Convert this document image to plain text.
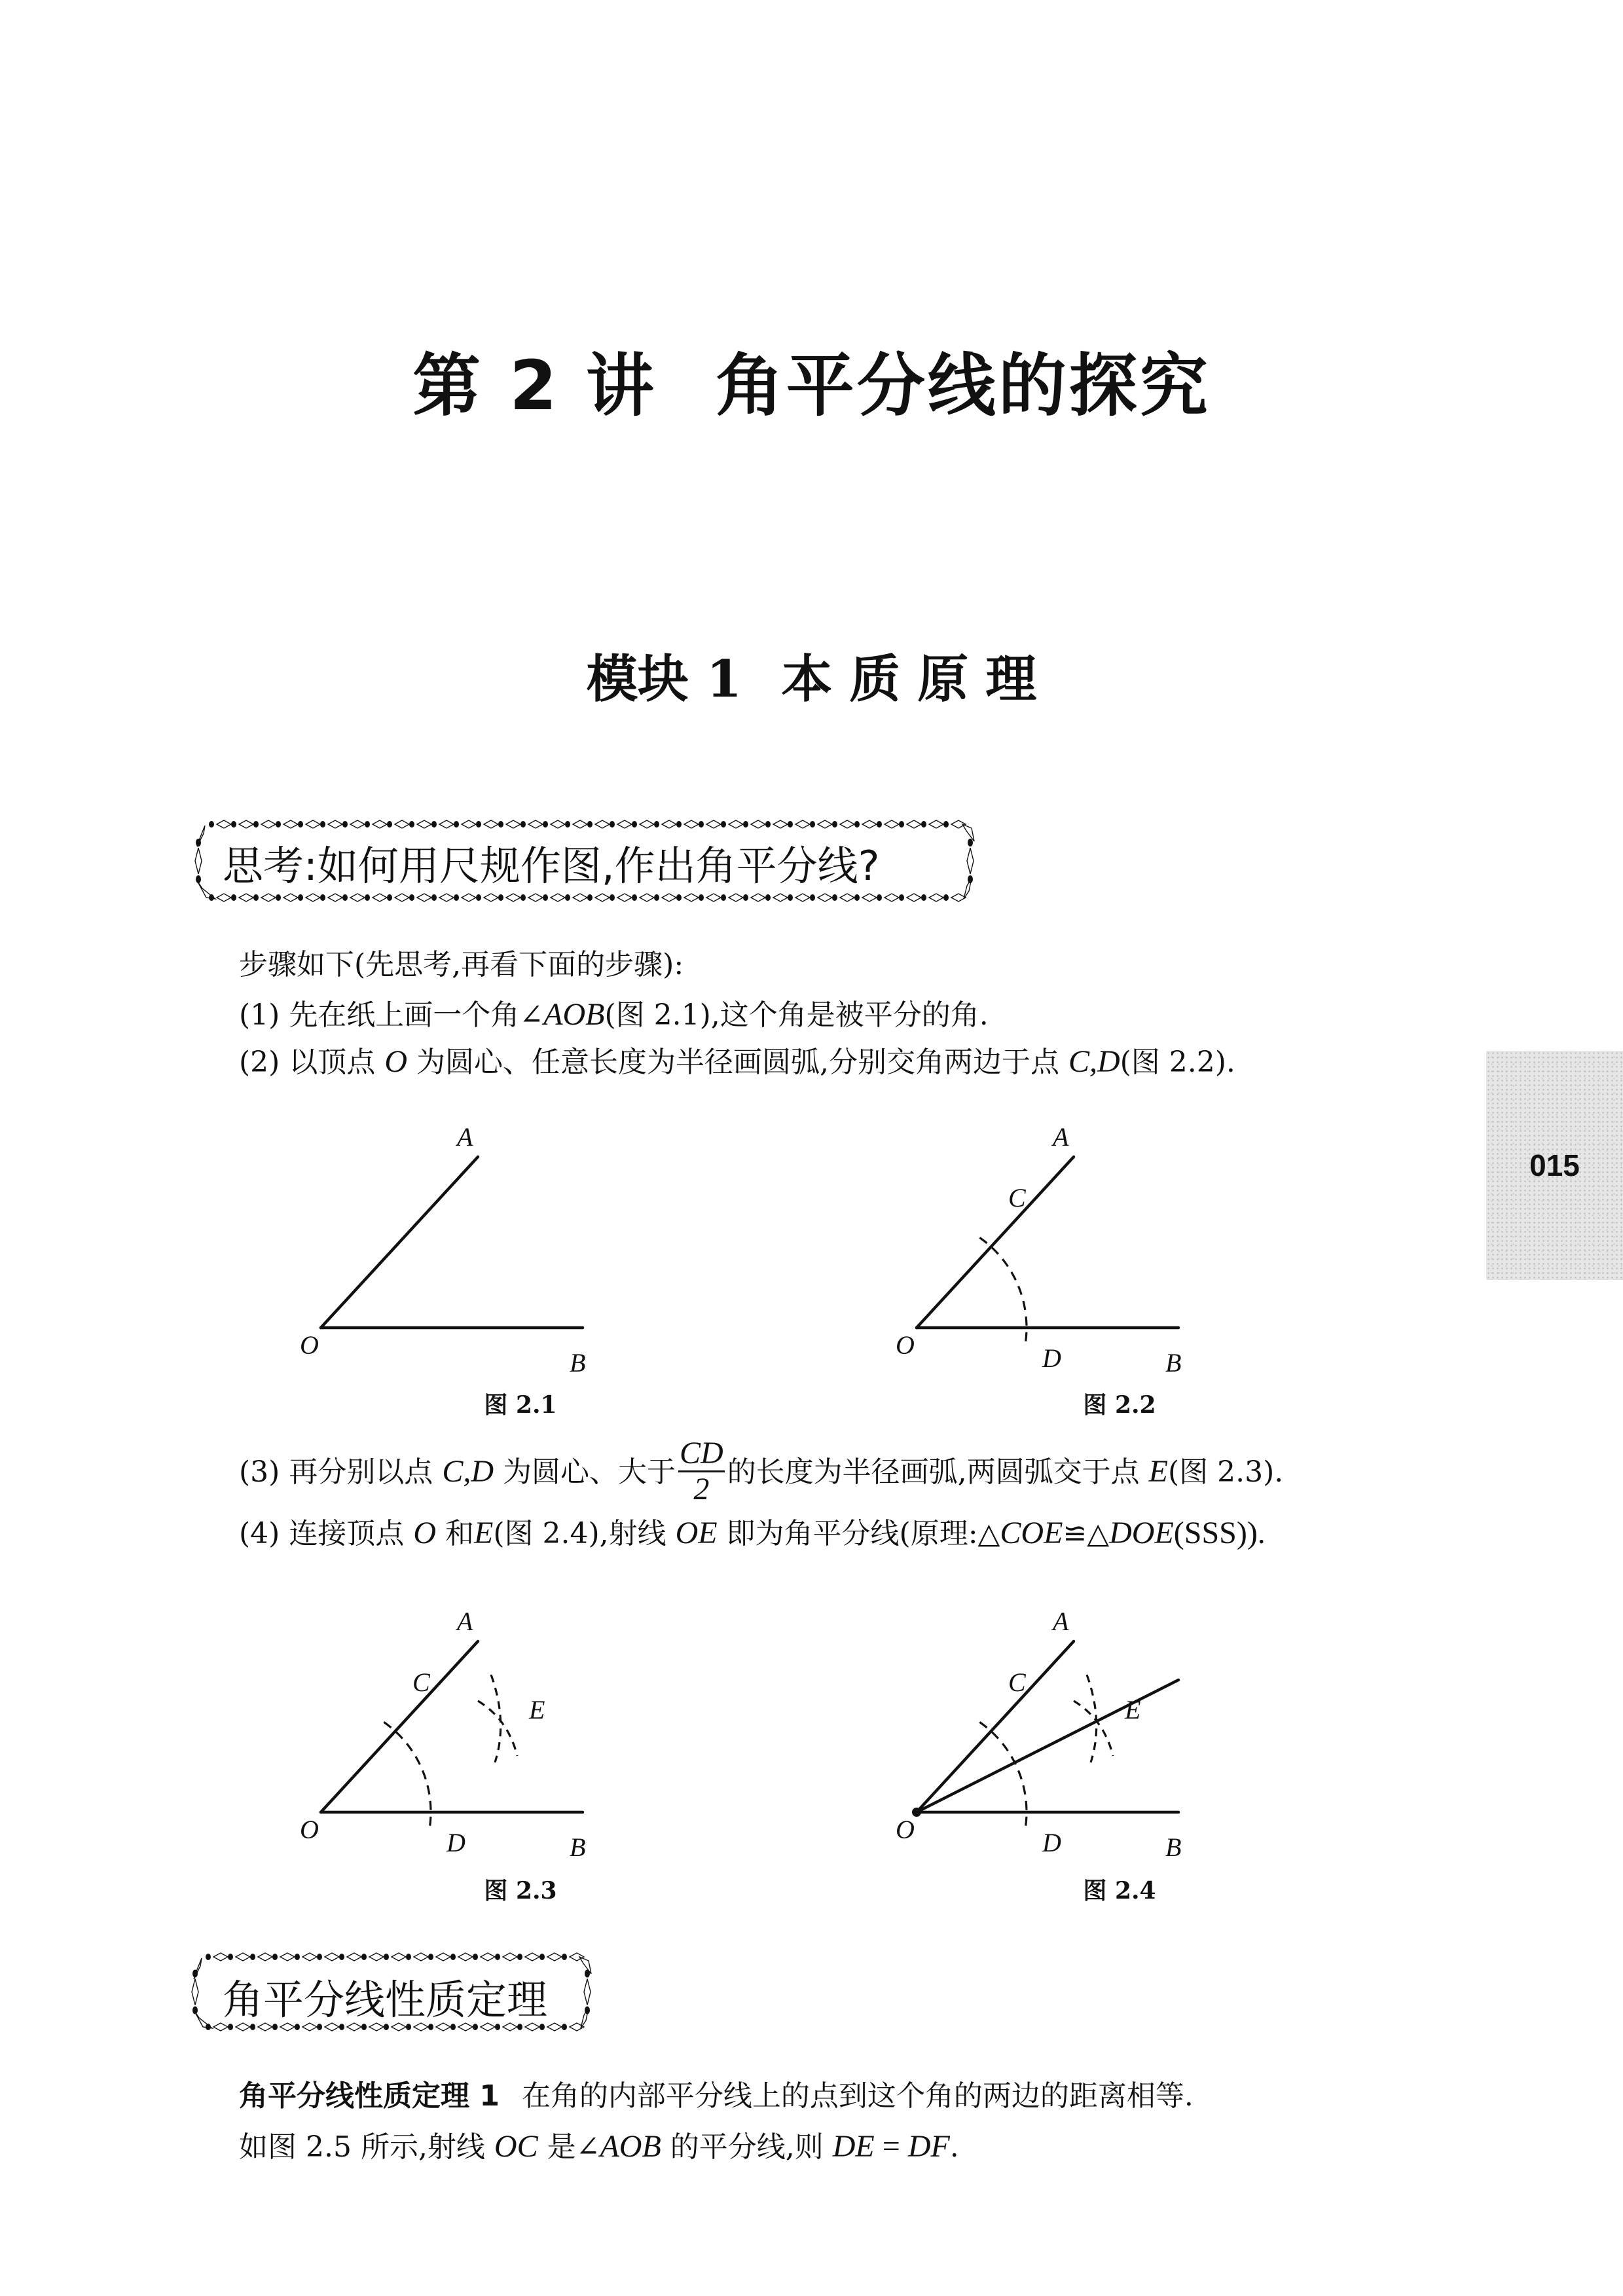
第 2 讲 角平分线的探究
模块 1 本 质 原 理
思考:如何用尺规作图,作出角平分线?
步骤如下(先思考,再看下面的步骤):
(1) 先在纸上画一个角∠AOB(图 2.1),这个角是被平分的角.
(2) 以顶点 O 为圆心、任意长度为半径画圆弧,分别交角两边于点 C,D(图 2.2).
A
O
B
A
O
B
C
D
图 2.1	图 2.2
(3) 再分别以点 C,D 为圆心、大于 $\frac{CD}{2}$ 的长度为半径画弧,两圆弧交于点 E(图 2.3).
(4) 连接顶点 O 和E(图 2.4),射线 OE 即为角平分线(原理:△COE≌△DOE(SSS)).
A
O
B
C
D
E
A
O
B
C
D
E
图 2.3	图 2.4
角平分线性质定理
角平分线性质定理 1 在角的内部平分线上的点到这个角的两边的距离相等.
如图 2.5 所示,射线 OC 是∠AOB 的平分线,则 DE = DF.
015
